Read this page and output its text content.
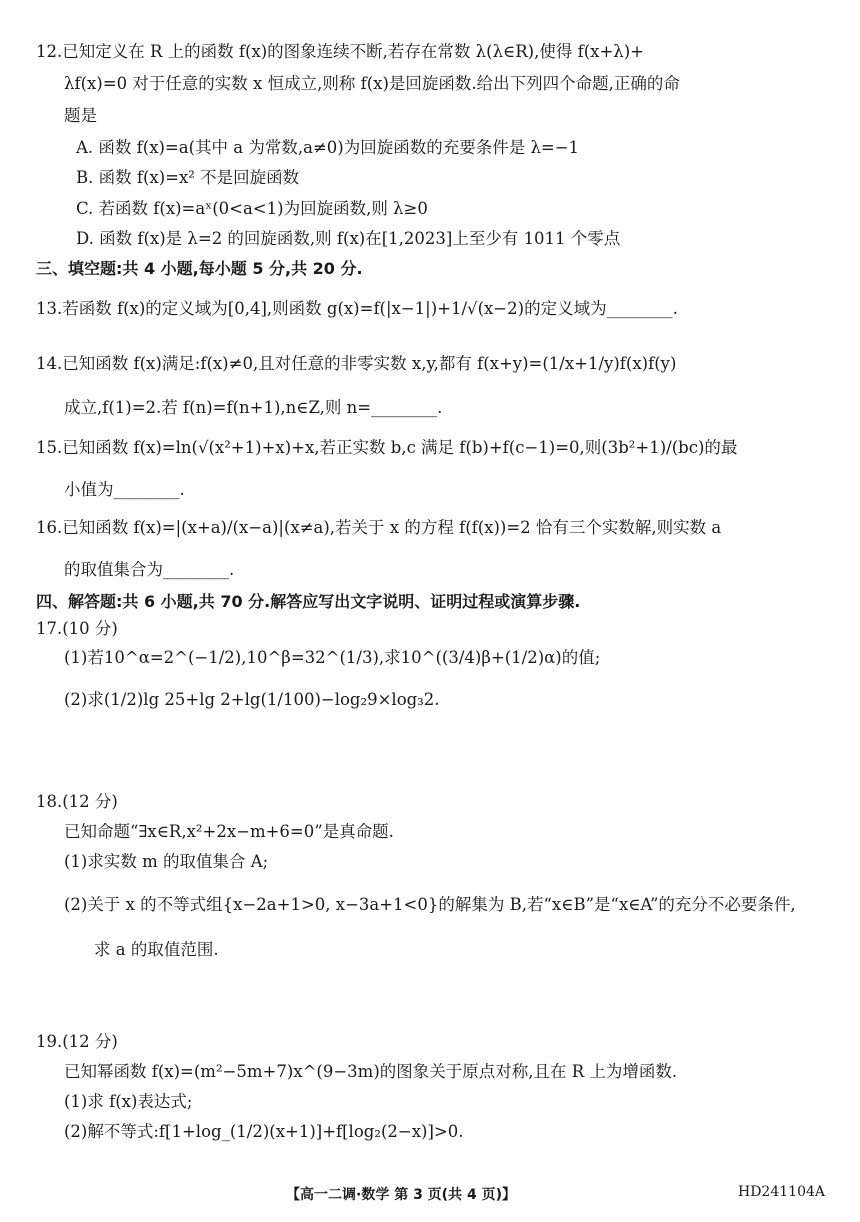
12.已知定义在 R 上的函数 f(x)的图象连续不断,若存在常数 λ(λ∈R),使得 f(x+λ)+
λf(x)=0 对于任意的实数 x 恒成立,则称 f(x)是回旋函数.给出下列四个命题,正确的命
题是
A. 函数 f(x)=a(其中 a 为常数,a≠0)为回旋函数的充要条件是 λ=−1
B. 函数 f(x)=x² 不是回旋函数
C. 若函数 f(x)=aˣ(0<a<1)为回旋函数,则 λ≥0
D. 函数 f(x)是 λ=2 的回旋函数,则 f(x)在[1,2023]上至少有 1011 个零点
三、填空题:共 4 小题,每小题 5 分,共 20 分.
13.若函数 f(x)的定义域为[0,4],则函数 g(x)=f(|x−1|)+1/√(x−2)的定义域为________.
14.已知函数 f(x)满足:f(x)≠0,且对任意的非零实数 x,y,都有 f(x+y)=(1/x+1/y)f(x)f(y)
成立,f(1)=2.若 f(n)=f(n+1),n∈Z,则 n=________.
15.已知函数 f(x)=ln(√(x²+1)+x)+x,若正实数 b,c 满足 f(b)+f(c−1)=0,则(3b²+1)/(bc)的最
小值为________.
16.已知函数 f(x)=|(x+a)/(x−a)|(x≠a),若关于 x 的方程 f(f(x))=2 恰有三个实数解,则实数 a
的取值集合为________.
四、解答题:共 6 小题,共 70 分.解答应写出文字说明、证明过程或演算步骤.
17.(10 分)
(1)若10^α=2^(−1/2),10^β=32^(1/3),求10^((3/4)β+(1/2)α)的值;
(2)求(1/2)lg 25+lg 2+lg(1/100)−log₂9×log₃2.
18.(12 分)
已知命题“∃x∈R,x²+2x−m+6=0”是真命题.
(1)求实数 m 的取值集合 A;
(2)关于 x 的不等式组{x−2a+1>0, x−3a+1<0}的解集为 B,若“x∈B”是“x∈A”的充分不必要条件,
求 a 的取值范围.
19.(12 分)
已知幂函数 f(x)=(m²−5m+7)x^(9−3m)的图象关于原点对称,且在 R 上为增函数.
(1)求 f(x)表达式;
(2)解不等式:f[1+log_(1/2)(x+1)]+f[log₂(2−x)]>0.
【高一二调·数学 第 3 页(共 4 页)】	HD241104A
